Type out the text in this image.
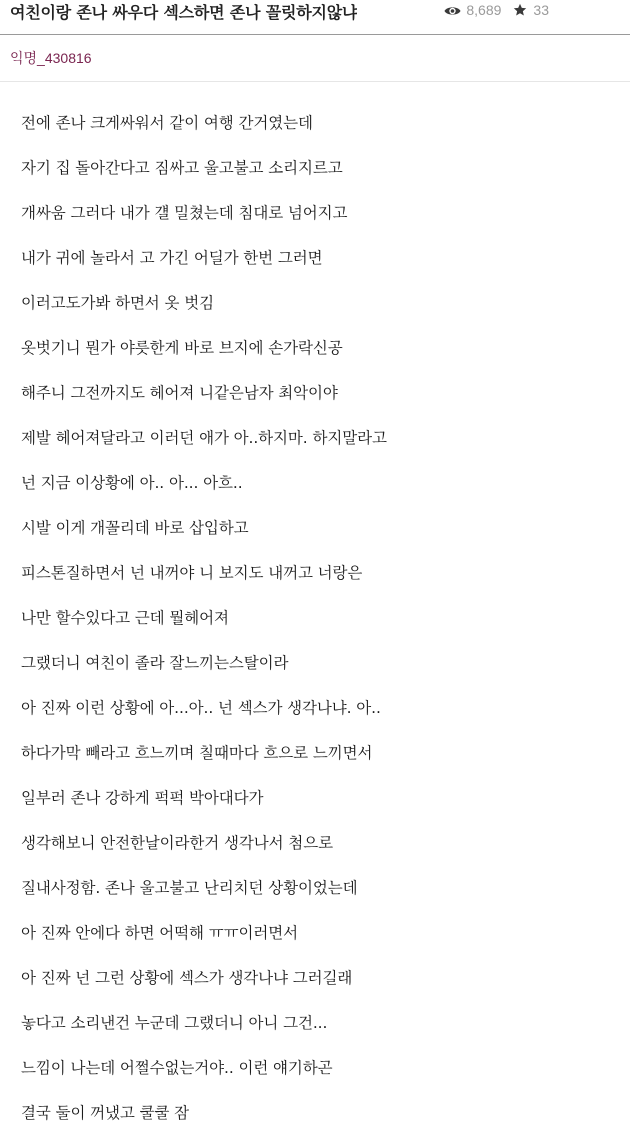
여친이랑 존나 싸우다 섹스하면 존나 꼴릿하지않냐	8,689 33
익명_430816
전에 존나 크게싸워서 같이 여행 간거였는데
자기 집 돌아간다고 짐싸고 울고불고 소리지르고
개싸움 그러다 내가 걜 밀쳤는데 침대로 넘어지고
내가 귀에 놀라서 고 가긴 어딜가 한번 그러면
이러고도가봐 하면서 옷 벗김
옷벗기니 뭔가 야릇한게 바로 브지에 손가락신공
해주니 그전까지도 헤어져 니같은남자 최악이야
제발 헤어져달라고 이러던 애가 아..하지마. 하지말라고
넌 지금 이상황에 아.. 아... 아흐..
시발 이게 개꼴리데 바로 삽입하고
피스톤질하면서 넌 내꺼야 니 보지도 내꺼고 너랑은
나만 할수있다고 근데 뭘헤어져
그랬더니 여친이 졸라 잘느끼는스탈이라
아 진짜 이런 상황에 아...아.. 넌 섹스가 생각나냐. 아..
하다가막 빼라고 흐느끼며 칠때마다 흐으로 느끼면서
일부러 존나 강하게 퍽퍽 박아대다가
생각해보니 안전한날이라한거 생각나서 첨으로
질내사정함. 존나 울고불고 난리치던 상황이었는데
아 진짜 안에다 하면 어떡해 ㅠㅠ이러면서
아 진짜 넌 그런 상황에 섹스가 생각나냐 그러길래
놓다고 소리낸건 누군데 그랬더니 아니 그건...
느낌이 나는데 어쩔수없는거야.. 이런 얘기하곤
결국 둘이 꺼냈고 쿨쿨 잠
